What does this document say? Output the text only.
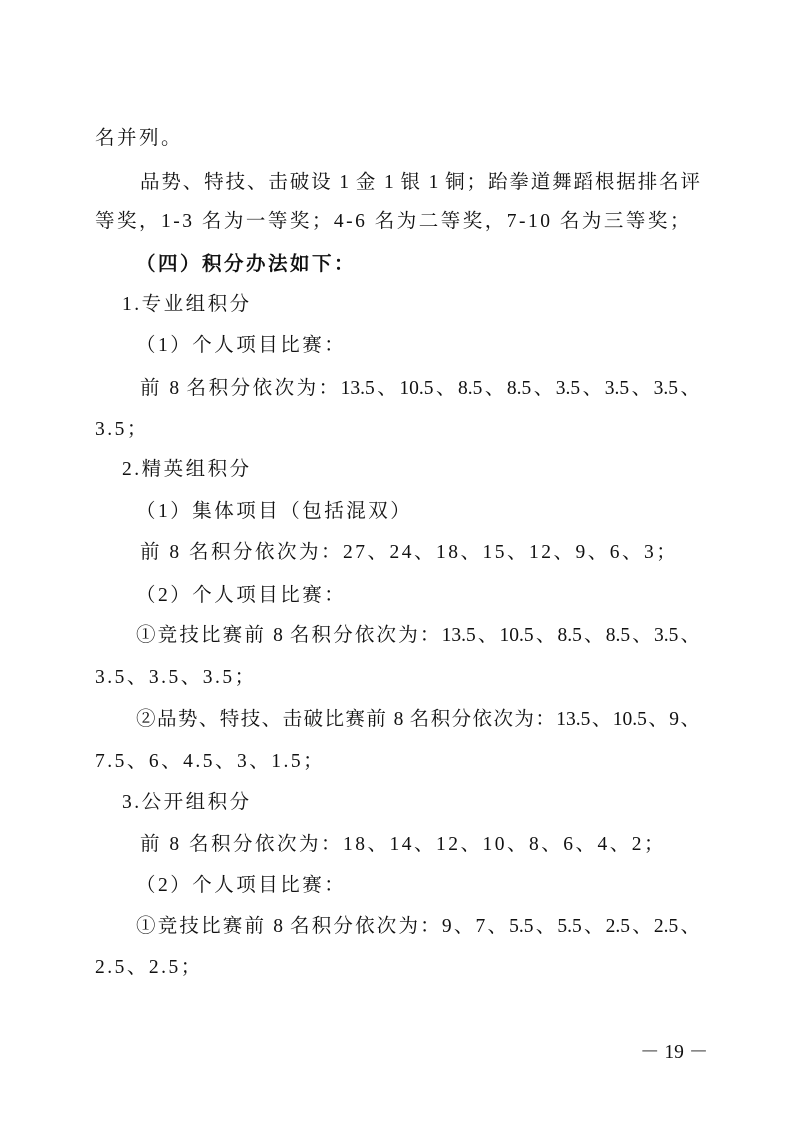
名并列。
品势、特技、击破设 1 金 1 银 1 铜；跆拳道舞蹈根据排名评
等奖，1-3 名为一等奖；4-6 名为二等奖，7-10 名为三等奖；
（四）积分办法如下：
1.专业组积分
（1）个人项目比赛：
前 8 名积分依次为：13.5、10.5、8.5、8.5、3.5、3.5、3.5、
3.5；
2.精英组积分
（1）集体项目（包括混双）
前 8 名积分依次为：27、24、18、15、12、9、6、3；
（2）个人项目比赛：
①竞技比赛前 8 名积分依次为：13.5、10.5、8.5、8.5、3.5、
3.5、3.5、3.5；
②品势、特技、击破比赛前 8 名积分依次为：13.5、10.5、9、
7.5、6、4.5、3、1.5；
3.公开组积分
前 8 名积分依次为：18、14、12、10、8、6、4、2；
（2）个人项目比赛：
①竞技比赛前 8 名积分依次为：9、7、5.5、5.5、2.5、2.5、
2.5、2.5；
－ 19 －
